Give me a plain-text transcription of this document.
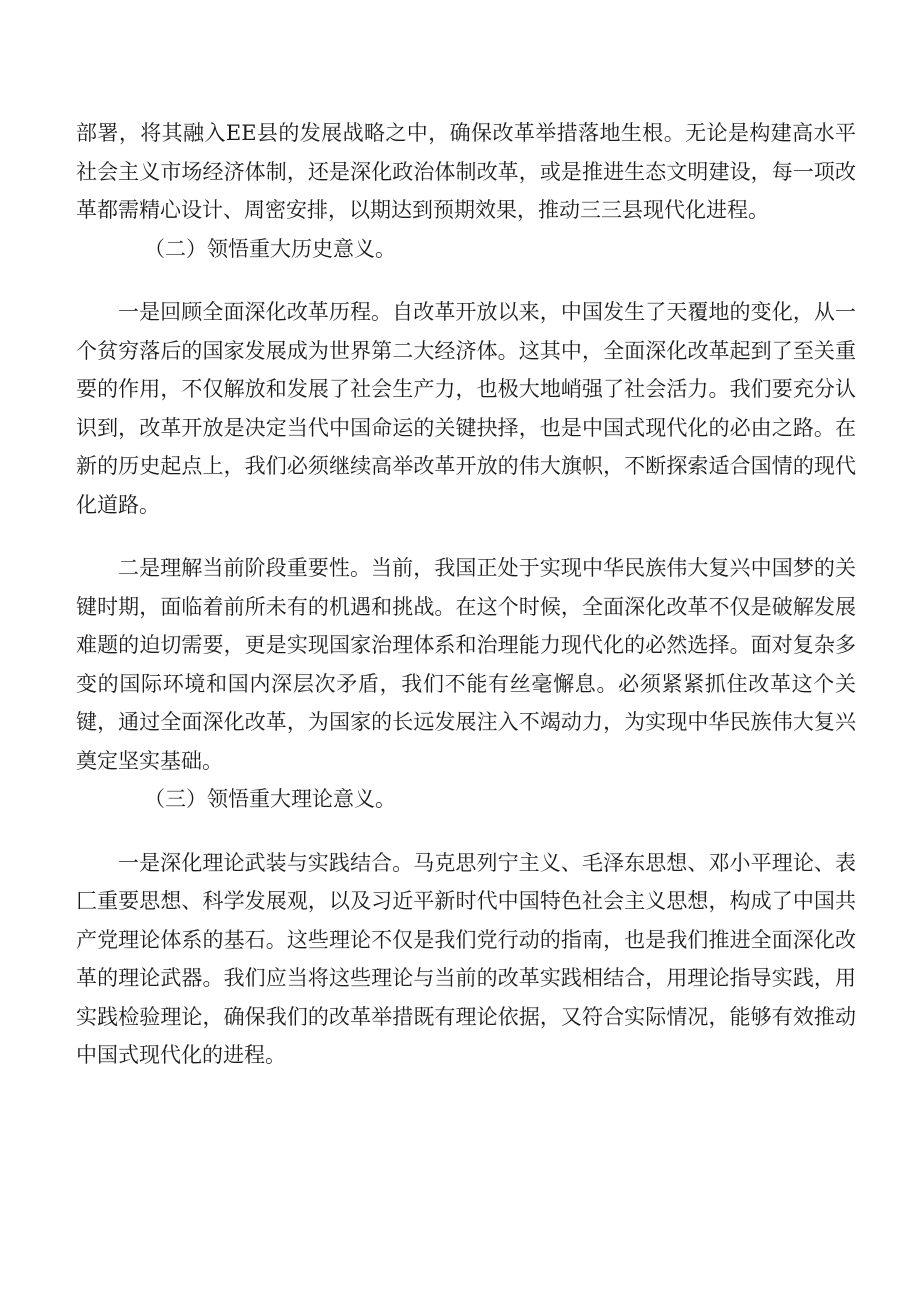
部署，将其融入EE县的发展战略之中，确保改革举措落地生根。无论是构建高水平社会主义市场经济体制，还是深化政治体制改革，或是推进生态文明建设，每一项改革都需精心设计、周密安排，以期达到预期效果，推动三三县现代化进程。

（二）领悟重大历史意义。

一是回顾全面深化改革历程。自改革开放以来，中国发生了天覆地的变化，从一个贫穷落后的国家发展成为世界第二大经济体。这其中，全面深化改革起到了至关重要的作用，不仅解放和发展了社会生产力，也极大地峭强了社会活力。我们要充分认识到，改革开放是决定当代中国命运的关键抉择，也是中国式现代化的必由之路。在新的历史起点上，我们必须继续高举改革开放的伟大旗帜，不断探索适合国情的现代化道路。

二是理解当前阶段重要性。当前，我国正处于实现中华民族伟大复兴中国梦的关键时期，面临着前所未有的机遇和挑战。在这个时候，全面深化改革不仅是破解发展难题的迫切需要，更是实现国家治理体系和治理能力现代化的必然选择。面对复杂多变的国际环境和国内深层次矛盾，我们不能有丝毫懈息。必须紧紧抓住改革这个关键，通过全面深化改革，为国家的长远发展注入不竭动力，为实现中华民族伟大复兴奠定坚实基础。

（三）领悟重大理论意义。

一是深化理论武装与实践结合。马克思列宁主义、毛泽东思想、邓小平理论、表匚重要思想、科学发展观，以及习近平新时代中国特色社会主义思想，构成了中国共产党理论体系的基石。这些理论不仅是我们党行动的指南，也是我们推进全面深化改革的理论武器。我们应当将这些理论与当前的改革实践相结合，用理论指导实践，用实践检验理论，确保我们的改革举措既有理论依据，又符合实际情况，能够有效推动中国式现代化的进程。
